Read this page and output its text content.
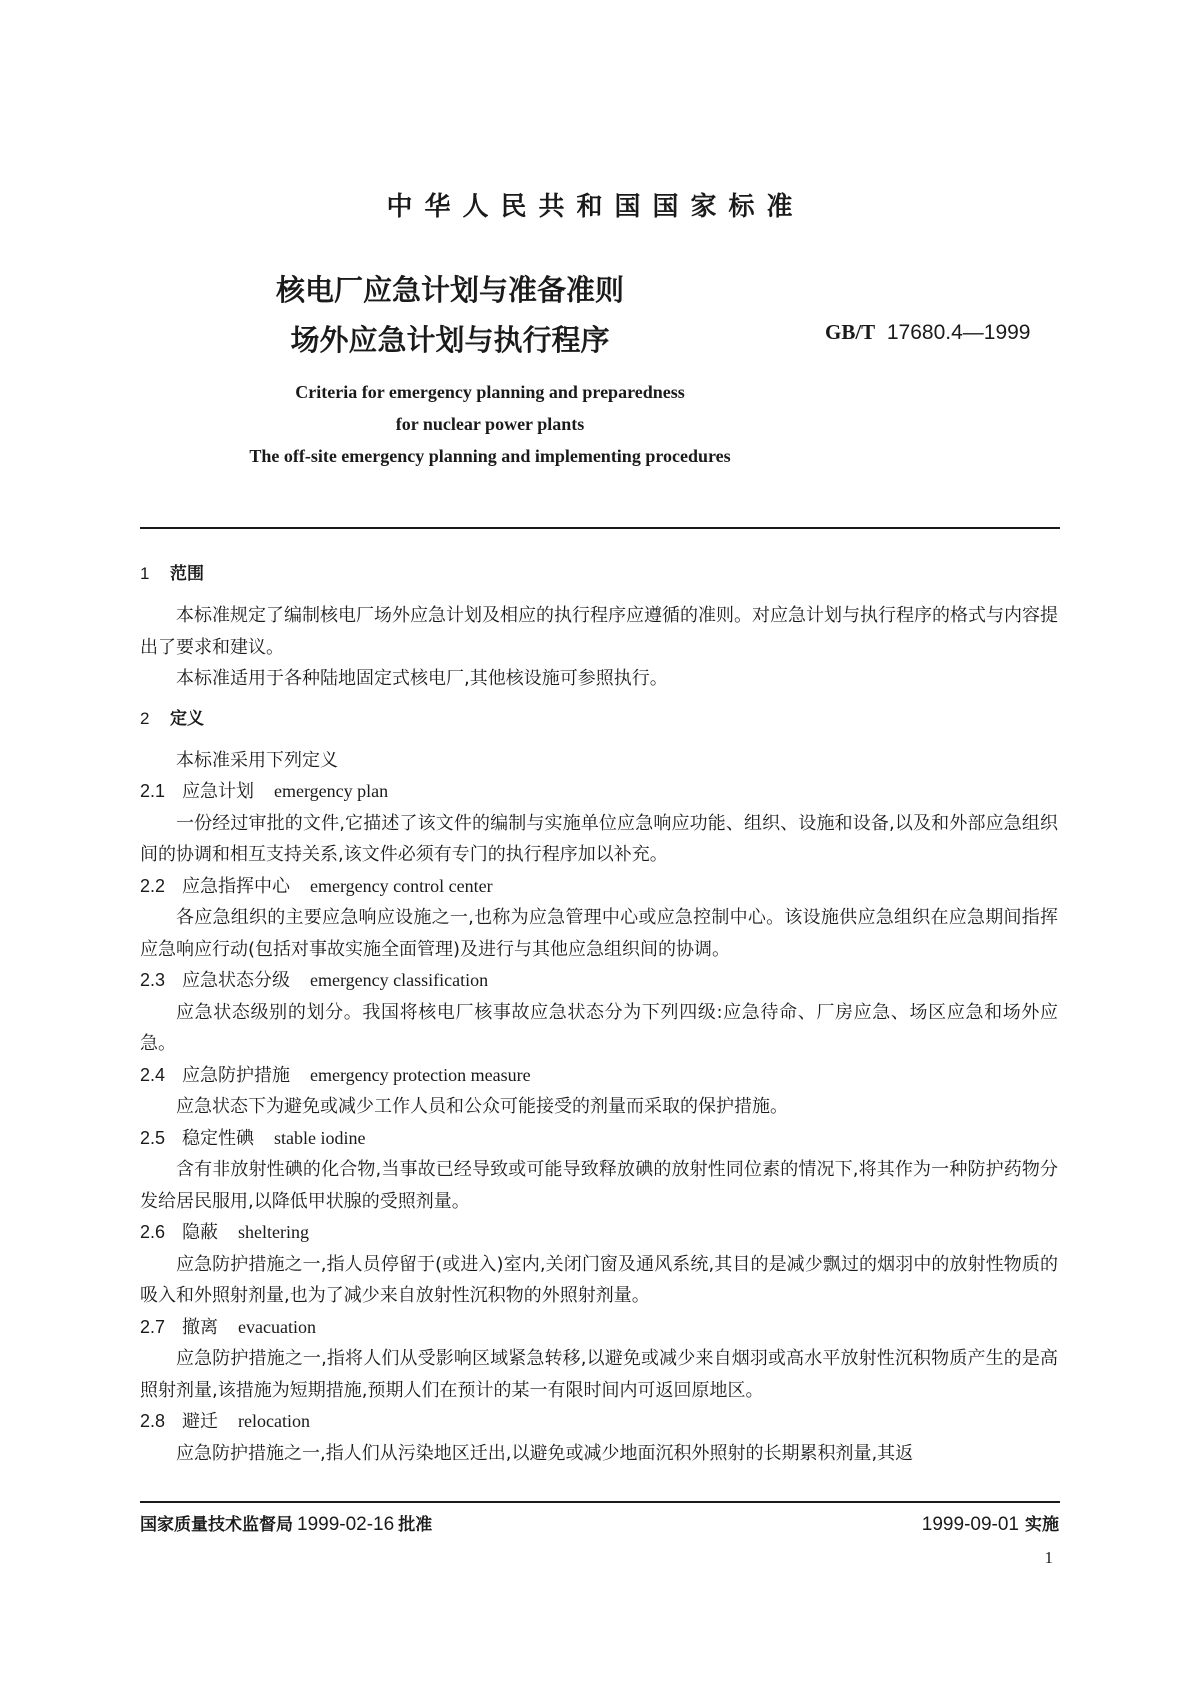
中华人民共和国国家标准
核电厂应急计划与准备准则
场外应急计划与执行程序	GB/T 17680.4—1999
Criteria for emergency planning and preparedness
for nuclear power plants
The off-site emergency planning and implementing procedures
1 范围

本标准规定了编制核电厂场外应急计划及相应的执行程序应遵循的准则。对应急计划与执行程序的格式与内容提出了要求和建议。

本标准适用于各种陆地固定式核电厂,其他核设施可参照执行。

2 定义

本标准采用下列定义

2.1 应急计划 emergency plan

一份经过审批的文件,它描述了该文件的编制与实施单位应急响应功能、组织、设施和设备,以及和外部应急组织间的协调和相互支持关系,该文件必须有专门的执行程序加以补充。

2.2 应急指挥中心 emergency control center

各应急组织的主要应急响应设施之一,也称为应急管理中心或应急控制中心。该设施供应急组织在应急期间指挥应急响应行动(包括对事故实施全面管理)及进行与其他应急组织间的协调。

2.3 应急状态分级 emergency classification

应急状态级别的划分。我国将核电厂核事故应急状态分为下列四级:应急待命、厂房应急、场区应急和场外应急。

2.4 应急防护措施 emergency protection measure

应急状态下为避免或减少工作人员和公众可能接受的剂量而采取的保护措施。

2.5 稳定性碘 stable iodine

含有非放射性碘的化合物,当事故已经导致或可能导致释放碘的放射性同位素的情况下,将其作为一种防护药物分发给居民服用,以降低甲状腺的受照剂量。

2.6 隐蔽 sheltering

应急防护措施之一,指人员停留于(或进入)室内,关闭门窗及通风系统,其目的是减少飘过的烟羽中的放射性物质的吸入和外照射剂量,也为了减少来自放射性沉积物的外照射剂量。

2.7 撤离 evacuation

应急防护措施之一,指将人们从受影响区域紧急转移,以避免或减少来自烟羽或高水平放射性沉积物质产生的是高照射剂量,该措施为短期措施,预期人们在预计的某一有限时间内可返回原地区。

2.8 避迁 relocation

应急防护措施之一,指人们从污染地区迁出,以避免或减少地面沉积外照射的长期累积剂量,其返

国家质量技术监督局 1999-02-16 批准	1999-09-01 实施
1
